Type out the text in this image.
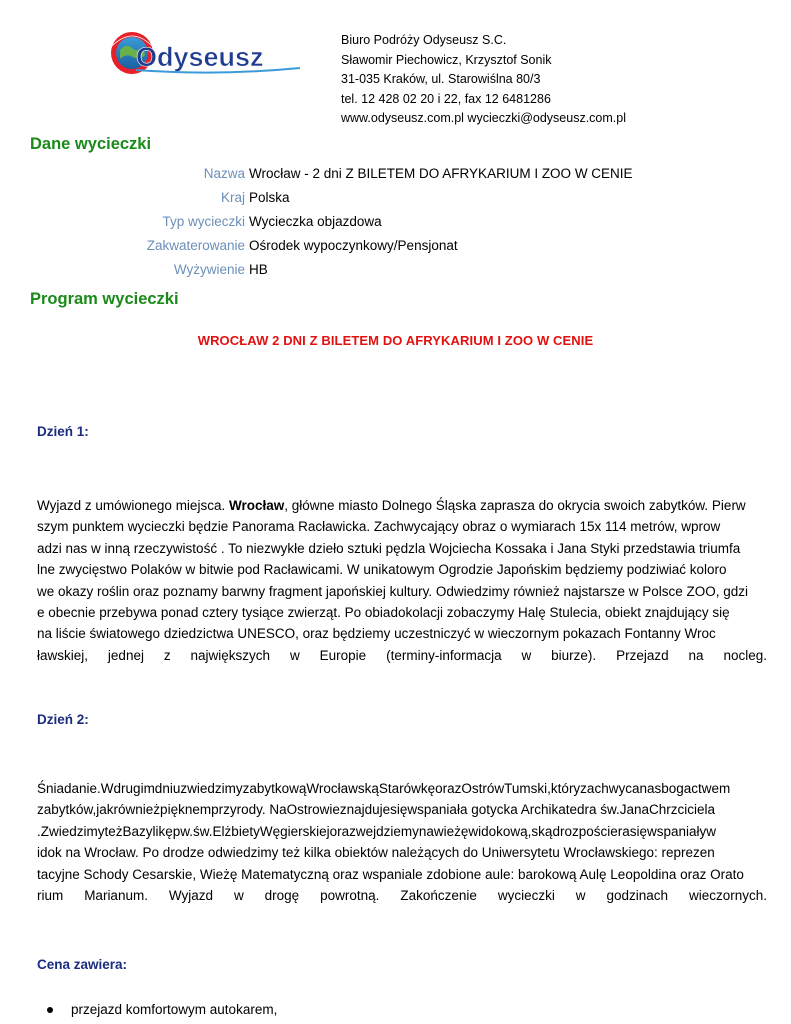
Odyseusz
Biuro Podróży Odyseusz S.C.
Sławomir Piechowicz, Krzysztof Sonik
31-035 Kraków, ul. Starowiślna 80/3
tel. 12 428 02 20 i 22, fax 12 6481286
www.odyseusz.com.pl wycieczki@odyseusz.com.pl
Dane wycieczki
Nazwa Wrocław - 2 dni Z BILETEM DO AFRYKARIUM I ZOO W CENIE
Kraj Polska
Typ wycieczki Wycieczka objazdowa
Zakwaterowanie Ośrodek wypoczynkowy/Pensjonat
Wyżywienie HB
Program wycieczki
WROCŁAW 2 DNI Z BILETEM DO AFRYKARIUM I ZOO W CENIE
Dzień 1:
Wyjazd z umówionego miejsca. Wrocław, główne miasto Dolnego Śląska zaprasza do okrycia swoich zabytków. Pierw
szym punktem wycieczki będzie Panorama Racławicka. Zachwycający obraz o wymiarach 15x 114 metrów, wprow
adzi nas w inną rzeczywistość . To niezwykłe dzieło sztuki pędzla Wojciecha Kossaka i Jana Styki przedstawia triumfa
lne zwycięstwo Polaków w bitwie pod Racławicami. W unikatowym Ogrodzie Japońskim będziemy podziwiać koloro
we okazy roślin oraz poznamy barwny fragment japońskiej kultury. Odwiedzimy również najstarsze w Polsce ZOO, gdzi
e obecnie przebywa ponad cztery tysiące zwierząt. Po obiadokolacji zobaczymy Halę Stulecia, obiekt znajdujący się
na liście światowego dziedzictwa UNESCO, oraz będziemy uczestniczyć w wieczornym pokazach Fontanny Wroc
ławskiej, jednej z największych w Europie (terminy-informacja w biurze). Przejazd na nocleg.
Dzień 2:
Śniadanie.WdrugimdniuzwiedzimyzabytkowąWrocławskąStarówkęorazOstrówTumski,któryzachwycanasbogactwem
zabytków,jakrównieżpięknemprzyrody. NaOstrowieznajdujesięwspaniała gotycka Archikatedra św.JanaChrzciciela
.ZwiedzimyteżBazylikępw.św.ElżbietyWęgierskiejorazwejdziemynawieżęwidokową,skądrozpościerasięwspaniaływ
idok na Wrocław. Po drodze odwiedzimy też kilka obiektów należących do Uniwersytetu Wrocławskiego: reprezen
tacyjne Schody Cesarskie, Wieżę Matematyczną oraz wspaniale zdobione aule: barokową Aulę Leopoldina oraz Orato
rium Marianum. Wyjazd w drogę powrotną. Zakończenie wycieczki w godzinach wieczornych.
Cena zawiera:
przejazd komfortowym autokarem,
